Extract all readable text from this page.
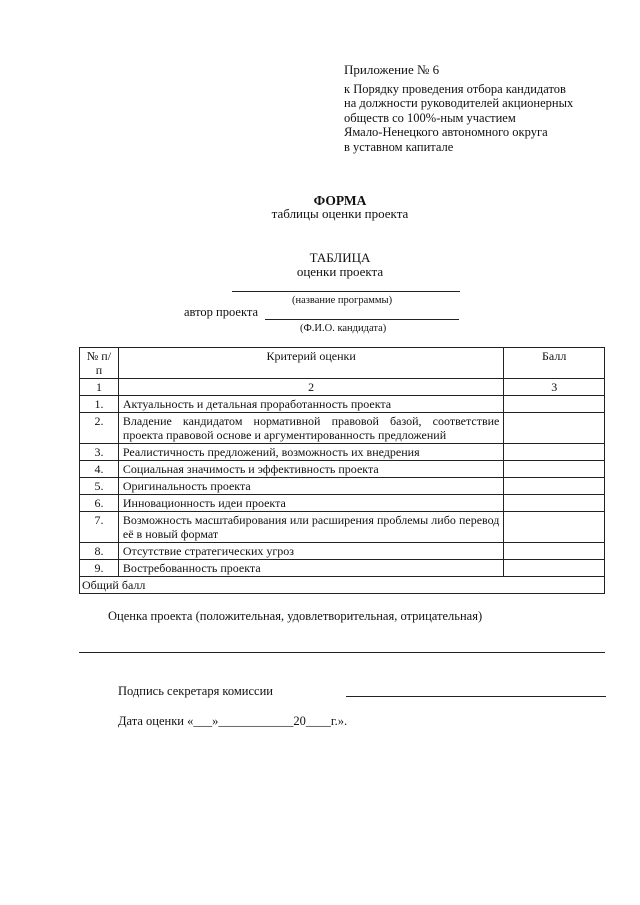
Приложение № 6
к Порядку проведения отбора кандидатов
на должности руководителей акционерных
обществ со 100%-ным участием
Ямало-Ненецкого автономного округа
в уставном капитале
ФОРМА
таблицы оценки проекта
ТАБЛИЦА
оценки проекта
(название программы)
автор проекта
(Ф.И.О. кандидата)
№ п/п	Критерий оценки	Балл
1	2	3
1.	Актуальность и детальная проработанность проекта	
2.	Владение кандидатом нормативной правовой базой, соответствие проекта правовой основе и аргументированность предложений	
3.	Реалистичность предложений, возможность их внедрения	
4.	Социальная значимость и эффективность проекта	
5.	Оригинальность проекта	
6.	Инновационность идеи проекта	
7.	Возможность масштабирования или расширения проблемы либо перевод её в новый формат	
8.	Отсутствие стратегических угроз	
9.	Востребованность проекта	
Общий балл		
Оценка проекта (положительная, удовлетворительная, отрицательная)
Подпись секретаря комиссии
Дата оценки «___»____________20____г.».
